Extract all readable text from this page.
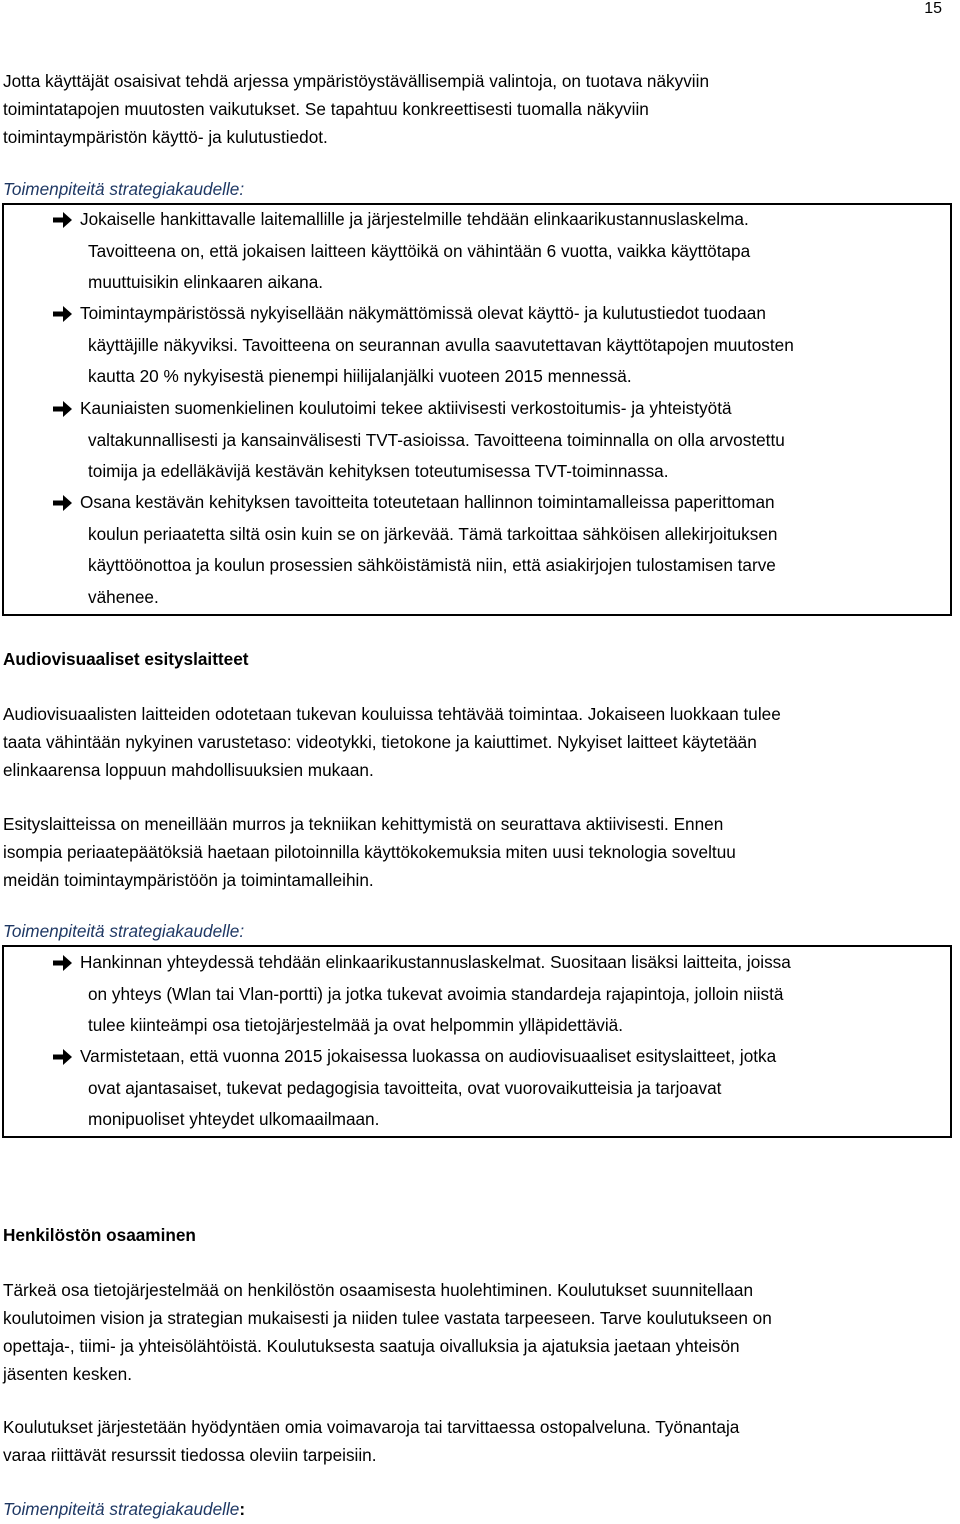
15

Jotta käyttäjät osaisivat tehdä arjessa ympäristöystävällisempiä valintoja, on tuotava näkyviin
toimintatapojen muutosten vaikutukset. Se tapahtuu konkreettisesti tuomalla näkyviin
toimintaympäristön käyttö- ja kulutustiedot.

Toimenpiteitä strategiakaudelle:
Jokaiselle hankittavalle laitemallille ja järjestelmille tehdään elinkaarikustannuslaskelma.
Tavoitteena on, että jokaisen laitteen käyttöikä on vähintään 6 vuotta, vaikka käyttötapa
muuttuisikin elinkaaren aikana.
Toimintaympäristössä nykyisellään näkymättömissä olevat käyttö- ja kulutustiedot tuodaan
käyttäjille näkyviksi. Tavoitteena on seurannan avulla saavutettavan käyttötapojen muutosten
kautta 20 % nykyisestä pienempi hiilijalanjälki vuoteen 2015 mennessä.
Kauniaisten suomenkielinen koulutoimi tekee aktiivisesti verkostoitumis- ja yhteistyötä
valtakunnallisesti ja kansainvälisesti TVT-asioissa. Tavoitteena toiminnalla on olla arvostettu
toimija ja edelläkävijä kestävän kehityksen toteutumisessa TVT-toiminnassa.
Osana kestävän kehityksen tavoitteita toteutetaan hallinnon toimintamalleissa paperittoman
koulun periaatetta siltä osin kuin se on järkevää. Tämä tarkoittaa sähköisen allekirjoituksen
käyttöönottoa ja koulun prosessien sähköistämistä niin, että asiakirjojen tulostamisen tarve
vähenee.
Audiovisuaaliset esityslaitteet

Audiovisuaalisten laitteiden odotetaan tukevan kouluissa tehtävää toimintaa. Jokaiseen luokkaan tulee
taata vähintään nykyinen varustetaso: videotykki, tietokone ja kaiuttimet. Nykyiset laitteet käytetään
elinkaarensa loppuun mahdollisuuksien mukaan.

Esityslaitteissa on meneillään murros ja tekniikan kehittymistä on seurattava aktiivisesti. Ennen
isompia periaatepäätöksiä haetaan pilotoinnilla käyttökokemuksia miten uusi teknologia soveltuu
meidän toimintaympäristöön ja toimintamalleihin.

Toimenpiteitä strategiakaudelle:
Hankinnan yhteydessä tehdään elinkaarikustannuslaskelmat. Suositaan lisäksi laitteita, joissa
on yhteys (Wlan tai Vlan-portti) ja jotka tukevat avoimia standardeja rajapintoja, jolloin niistä
tulee kiinteämpi osa tietojärjestelmää ja ovat helpommin ylläpidettäviä.
Varmistetaan, että vuonna 2015 jokaisessa luokassa on audiovisuaaliset esityslaitteet, jotka
ovat ajantasaiset, tukevat pedagogisia tavoitteita, ovat vuorovaikutteisia ja tarjoavat
monipuoliset yhteydet ulkomaailmaan.
Henkilöstön osaaminen

Tärkeä osa tietojärjestelmää on henkilöstön osaamisesta huolehtiminen. Koulutukset suunnitellaan
koulutoimen vision ja strategian mukaisesti ja niiden tulee vastata tarpeeseen. Tarve koulutukseen on
opettaja-, tiimi- ja yhteisölähtöistä. Koulutuksesta saatuja oivalluksia ja ajatuksia jaetaan yhteisön
jäsenten kesken.

Koulutukset järjestetään hyödyntäen omia voimavaroja tai tarvittaessa ostopalveluna. Työnantaja
varaa riittävät resurssit tiedossa oleviin tarpeisiin.

Toimenpiteitä strategiakaudelle:
